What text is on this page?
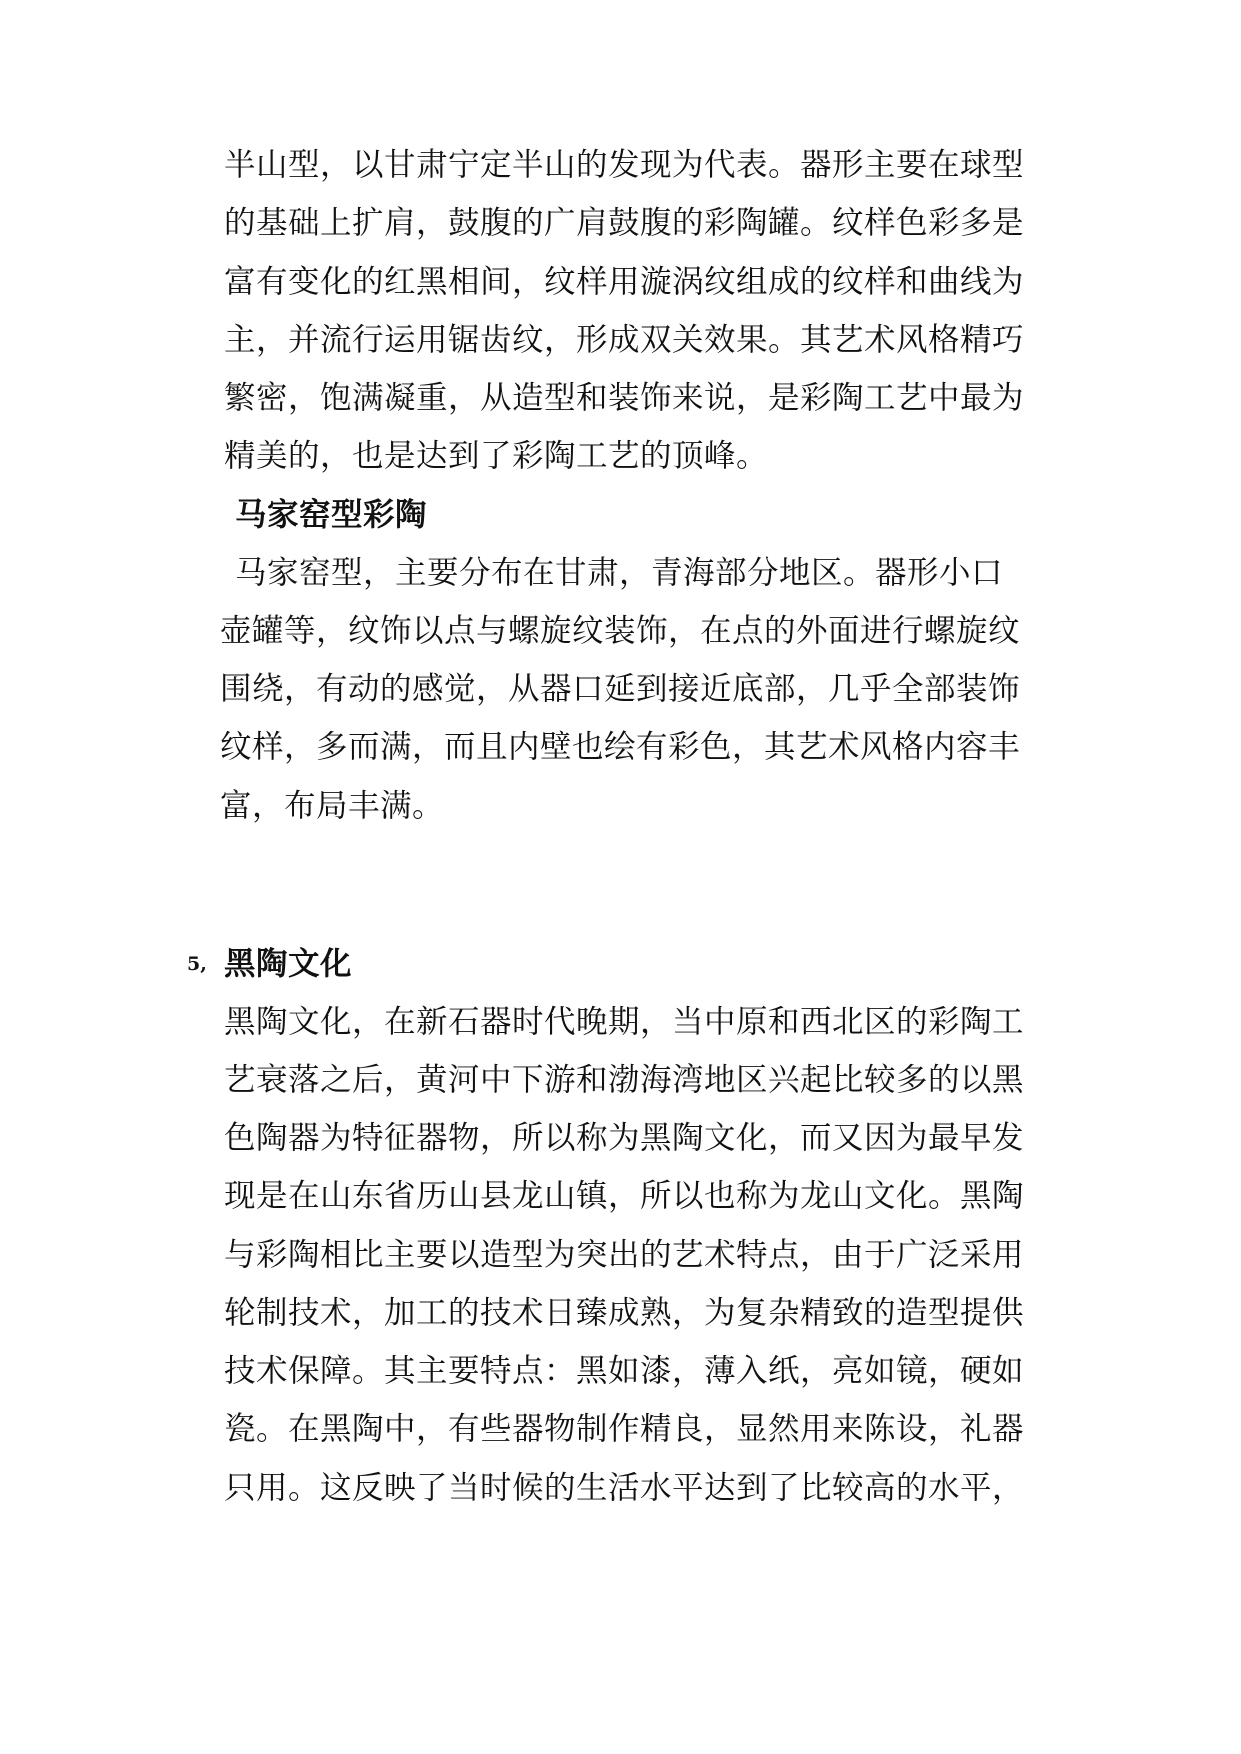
半山型，以甘肃宁定半山的发现为代表。器形主要在球型
的基础上扩肩，鼓腹的广肩鼓腹的彩陶罐。纹样色彩多是
富有变化的红黑相间，纹样用漩涡纹组成的纹样和曲线为
主，并流行运用锯齿纹，形成双关效果。其艺术风格精巧
繁密，饱满凝重，从造型和装饰来说，是彩陶工艺中最为
精美的，也是达到了彩陶工艺的顶峰。
马家窑型彩陶
马家窑型，主要分布在甘肃，青海部分地区。器形小口
壶罐等，纹饰以点与螺旋纹装饰，在点的外面进行螺旋纹
围绕，有动的感觉，从器口延到接近底部，几乎全部装饰
纹样，多而满，而且内壁也绘有彩色，其艺术风格内容丰
富，布局丰满。
5, 黑陶文化
黑陶文化，在新石器时代晚期，当中原和西北区的彩陶工
艺衰落之后，黄河中下游和渤海湾地区兴起比较多的以黑
色陶器为特征器物，所以称为黑陶文化，而又因为最早发
现是在山东省历山县龙山镇，所以也称为龙山文化。黑陶
与彩陶相比主要以造型为突出的艺术特点，由于广泛采用
轮制技术，加工的技术日臻成熟，为复杂精致的造型提供
技术保障。其主要特点：黑如漆，薄入纸，亮如镜，硬如
瓷。在黑陶中，有些器物制作精良，显然用来陈设，礼器
只用。这反映了当时候的生活水平达到了比较高的水平，
